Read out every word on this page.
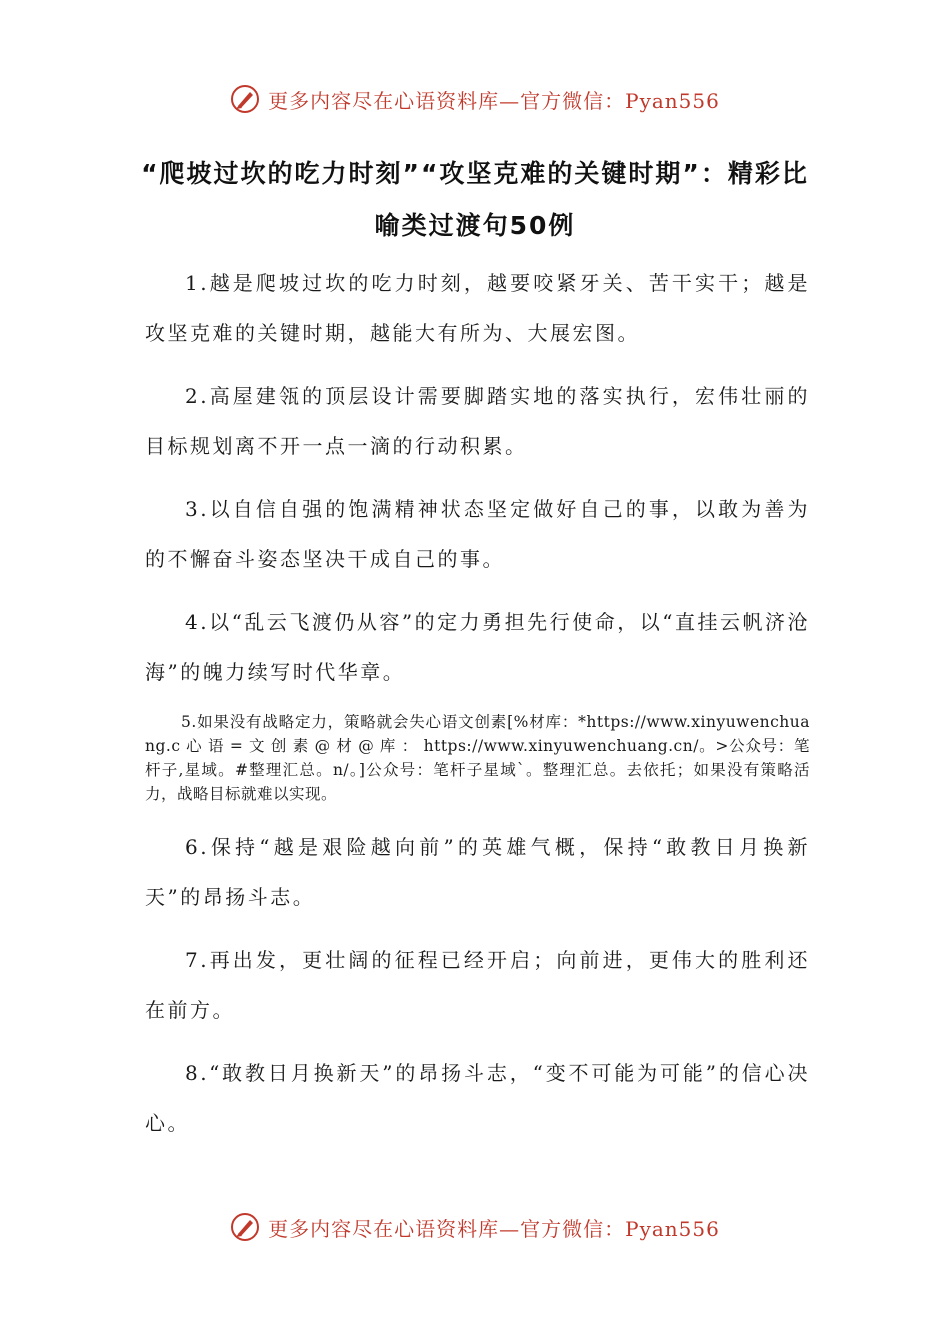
更多内容尽在心语资料库—官方微信：Pyan556
“爬坡过坎的吃力时刻”“攻坚克难的关键时期”：精彩比喻类过渡句50例

1.越是爬坡过坎的吃力时刻，越要咬紧牙关、苦干实干；越是攻坚克难的关键时期，越能大有所为、大展宏图。

2.高屋建瓴的顶层设计需要脚踏实地的落实执行，宏伟壮丽的目标规划离不开一点一滴的行动积累。

3.以自信自强的饱满精神状态坚定做好自己的事，以敢为善为的不懈奋斗姿态坚决干成自己的事。

4.以“乱云飞渡仍从容”的定力勇担先行使命，以“直挂云帆济沧海”的魄力续写时代华章。

5.如果没有战略定力，策略就会失心语文创素[%材库：*https://www.xinyuwenchuang.c 心 语 = 文 创 素 @ 材 @ 库 ： https://www.xinyuwenchuang.cn/。>公众号：笔杆子,星域。#整理汇总。n/。]公众号：笔杆子星域`。整理汇总。去依托；如果没有策略活力，战略目标就难以实现。

6.保持“越是艰险越向前”的英雄气概，保持“敢教日月换新天”的昂扬斗志。

7.再出发，更壮阔的征程已经开启；向前进，更伟大的胜利还在前方。

8.“敢教日月换新天”的昂扬斗志，“变不可能为可能”的信心决心。

更多内容尽在心语资料库—官方微信：Pyan556
